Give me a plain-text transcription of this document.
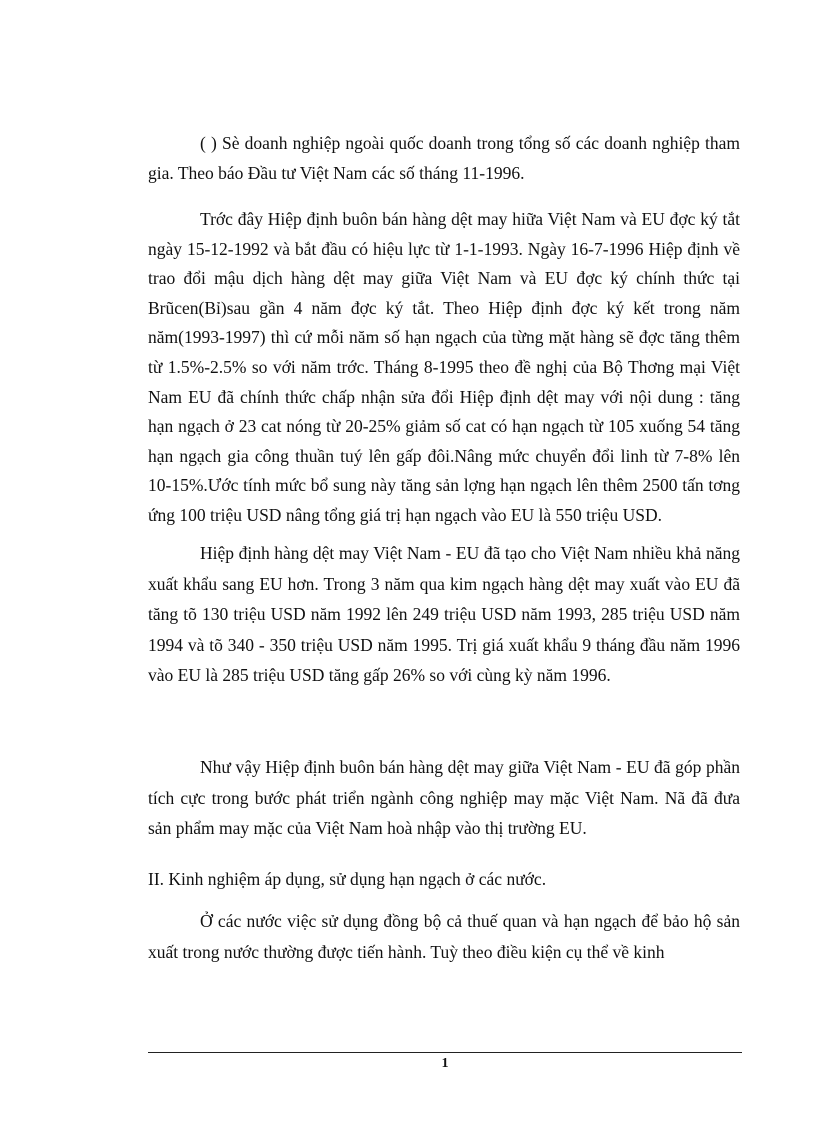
( ) Sè doanh nghiệp ngoài quốc doanh trong tổng số các doanh nghiệp tham gia. Theo báo Đầu tư Việt Nam các số tháng 11-1996.

Trớc đây Hiệp định buôn bán hàng dệt may hiữa Việt Nam và EU đợc ký tắt ngày 15-12-1992 và bắt đầu có hiệu lực từ 1-1-1993. Ngày 16-7-1996 Hiệp định về trao đổi mậu dịch hàng dệt may giữa Việt Nam và EU đợc ký chính thức tại Brũcen(Bỉ)sau gần 4 năm đợc ký tắt. Theo Hiệp định đợc ký kết trong năm năm(1993-1997) thì cứ mỗi năm số hạn ngạch của từng mặt hàng sẽ đợc tăng thêm từ 1.5%-2.5% so với năm trớc. Tháng 8-1995 theo đề nghị của Bộ Thơng mại Việt Nam EU đã chính thức chấp nhận sửa đổi Hiệp định dệt may với nội dung : tăng hạn ngạch ở 23 cat nóng từ 20-25% giảm số cat có hạn ngạch từ 105 xuống 54 tăng hạn ngạch gia công thuần tuý lên gấp đôi.Nâng mức chuyển đổi linh từ 7-8% lên 10-15%.Ước tính mức bổ sung này tăng sản lợng hạn ngạch lên thêm 2500 tấn tơng ứng 100 triệu USD nâng tổng giá trị hạn ngạch vào EU là 550 triệu USD.

Hiệp định hàng dệt may Việt Nam - EU đã tạo cho Việt Nam nhiều khả năng xuất khẩu sang EU hơn. Trong 3 năm qua kim ngạch hàng dệt may xuất vào EU đã tăng tõ 130 triệu USD năm 1992 lên 249 triệu USD năm 1993, 285 triệu USD năm 1994 và tõ 340 - 350 triệu USD năm 1995. Trị giá xuất khẩu 9 tháng đầu năm 1996 vào EU là 285 triệu USD tăng gấp 26% so với cùng kỳ năm 1996.

Như vậy Hiệp định buôn bán hàng dệt may giữa Việt Nam - EU đã góp phần tích cực trong bước phát triển ngành công nghiệp may mặc Việt Nam. Nã đã đưa sản phẩm may mặc của Việt Nam hoà nhập vào thị trường EU.

II. Kinh nghiệm áp dụng, sử dụng hạn ngạch ở các nước.

Ở các nước việc sử dụng đồng bộ cả thuế quan và hạn ngạch để bảo hộ sản xuất trong nước thường được tiến hành. Tuỳ theo điều kiện cụ thể về kinh

1
